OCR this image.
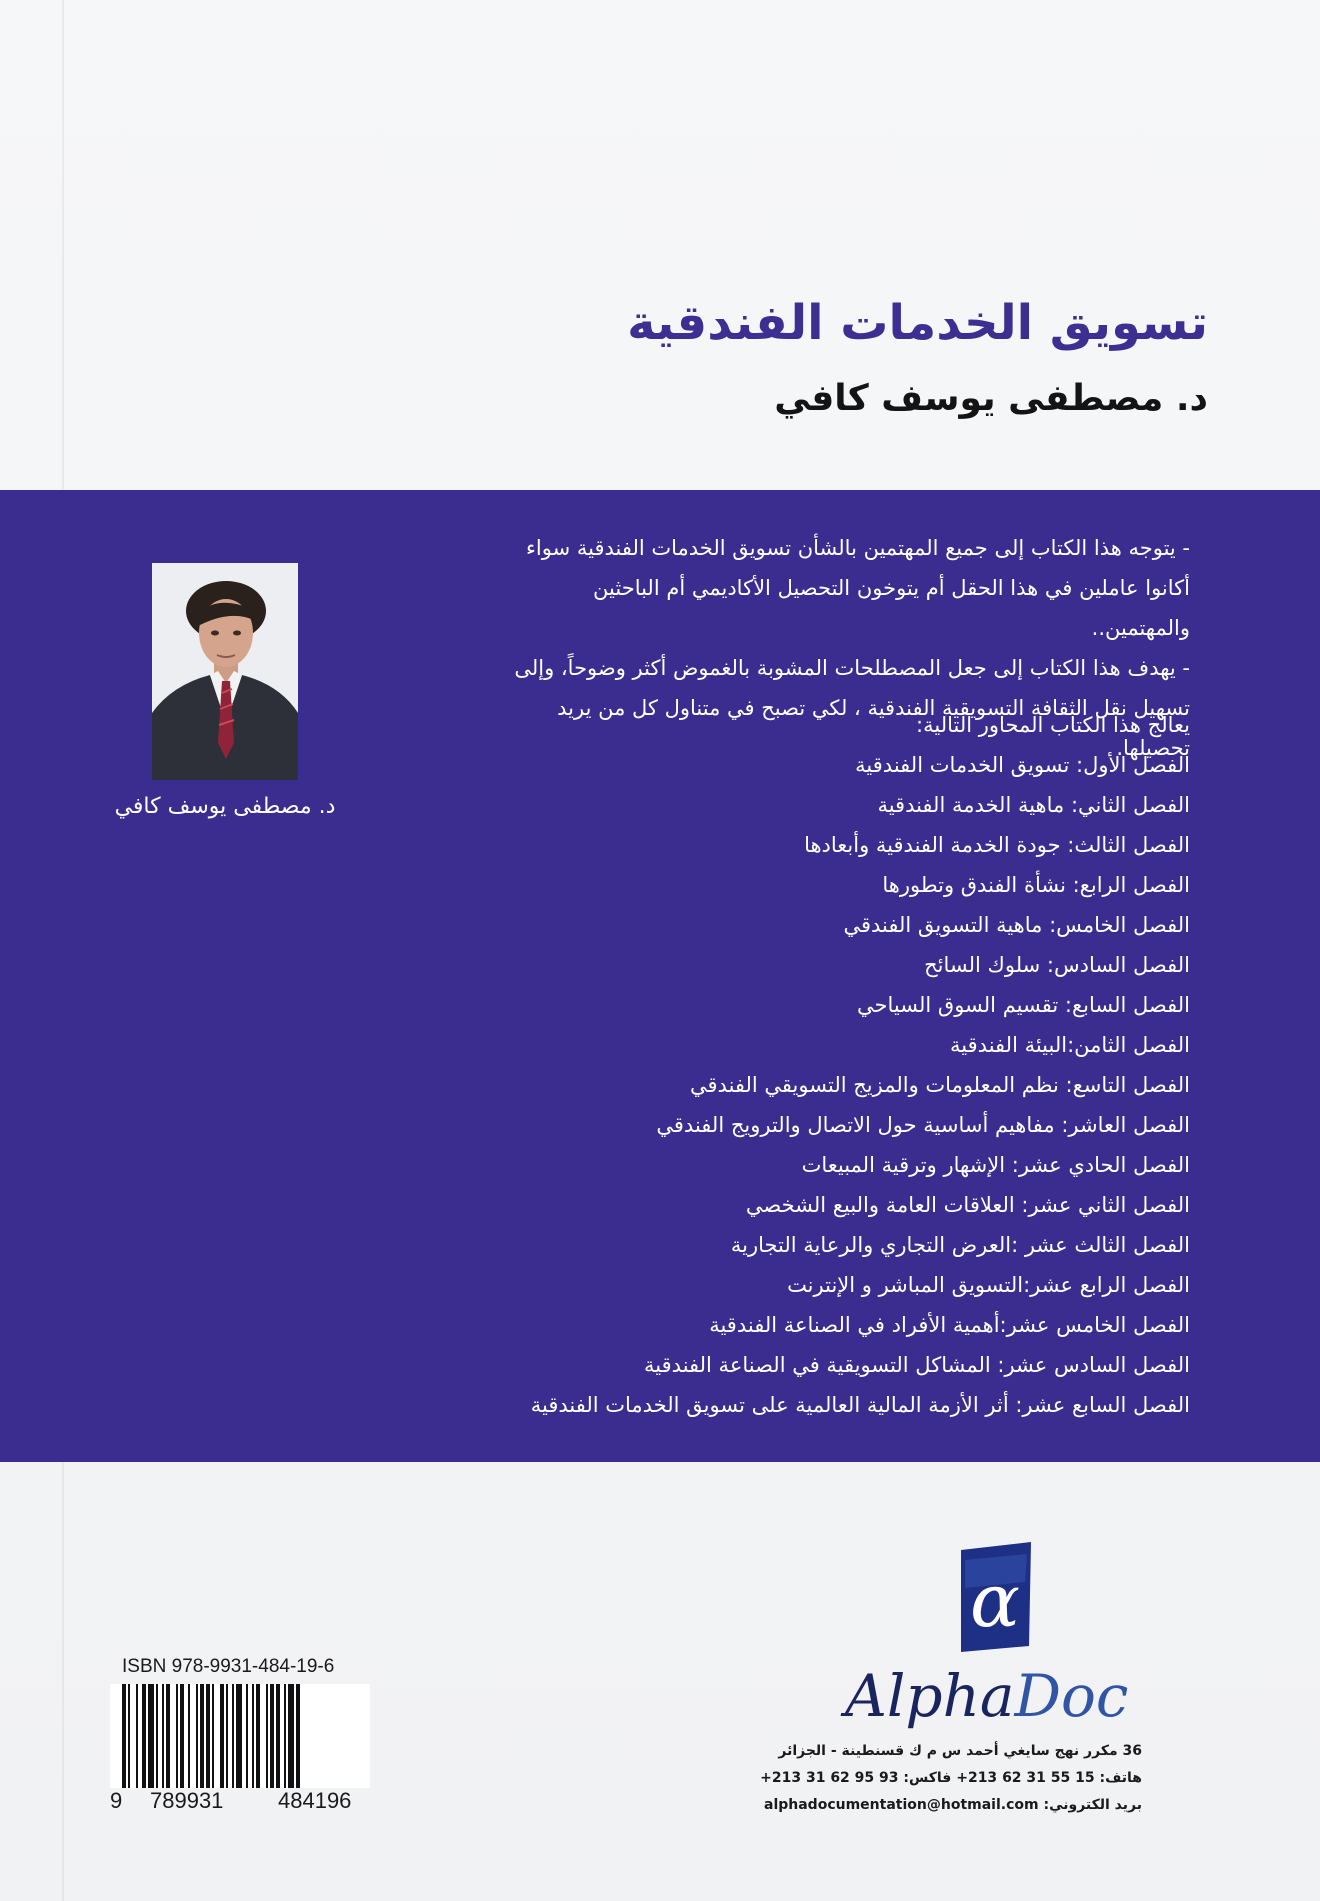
تسويق الخدمات الفندقية
د. مصطفى يوسف كافي
د. مصطفى يوسف كافي

- يتوجه هذا الكتاب إلى جميع المهتمين بالشأن تسويق الخدمات الفندقية سواء أكانوا عاملين في هذا الحقل أم يتوخون التحصيل الأكاديمي أم الباحثين والمهتمين..

- يهدف هذا الكتاب إلى جعل المصطلحات المشوبة بالغموض أكثر وضوحاً، وإلى تسهيل نقل الثقافة التسويقية الفندقية ، لكي تصبح في متناول كل من يريد تحصيلها.

يعالج هذا الكتاب المحاور التالية:

الفصل الأول: تسويق الخدمات الفندقية
الفصل الثاني: ماهية الخدمة الفندقية
الفصل الثالث: جودة الخدمة الفندقية وأبعادها
الفصل الرابع: نشأة الفندق وتطورها
الفصل الخامس: ماهية التسويق الفندقي
الفصل السادس: سلوك السائح
الفصل السابع: تقسيم السوق السياحي
الفصل الثامن:البيئة الفندقية
الفصل التاسع: نظم المعلومات والمزيج التسويقي الفندقي
الفصل العاشر: مفاهيم أساسية حول الاتصال والترويج الفندقي
الفصل الحادي عشر: الإشهار وترقية المبيعات
الفصل الثاني عشر: العلاقات العامة والبيع الشخصي
الفصل الثالث عشر :العرض التجاري والرعاية التجارية
الفصل الرابع عشر:التسويق المباشر و الإنترنت
الفصل الخامس عشر:أهمية الأفراد في الصناعة الفندقية
الفصل السادس عشر: المشاكل التسويقية في الصناعة الفندقية
الفصل السابع عشر: أثر الأزمة المالية العالمية على تسويق الخدمات الفندقية
α
AlphaDoc
36 مكرر نهج سايغي أحمد س م ك قسنطينة - الجزائر
هاتف: 15 55 31 62 213+ فاكس: 93 95 62 31 213+
بريد الكتروني: alphadocumentation@hotmail.com
ISBN 978-9931-484-19-6
9 789931 484196
